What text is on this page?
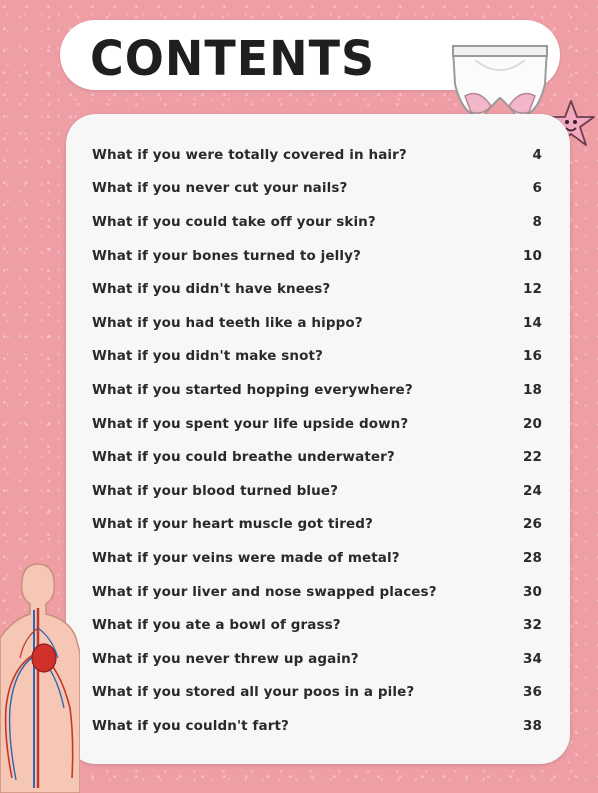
CONTENTS
What if you were totally covered in hair?	4
What if you never cut your nails?	6
What if you could take off your skin?	8
What if your bones turned to jelly?	10
What if you didn't have knees?	12
What if you had teeth like a hippo?	14
What if you didn't make snot?	16
What if you started hopping everywhere?	18
What if you spent your life upside down?	20
What if you could breathe underwater?	22
What if your blood turned blue?	24
What if your heart muscle got tired?	26
What if your veins were made of metal?	28
What if your liver and nose swapped places?	30
What if you ate a bowl of grass?	32
What if you never threw up again?	34
What if you stored all your poos in a pile?	36
What if you couldn't fart?	38
